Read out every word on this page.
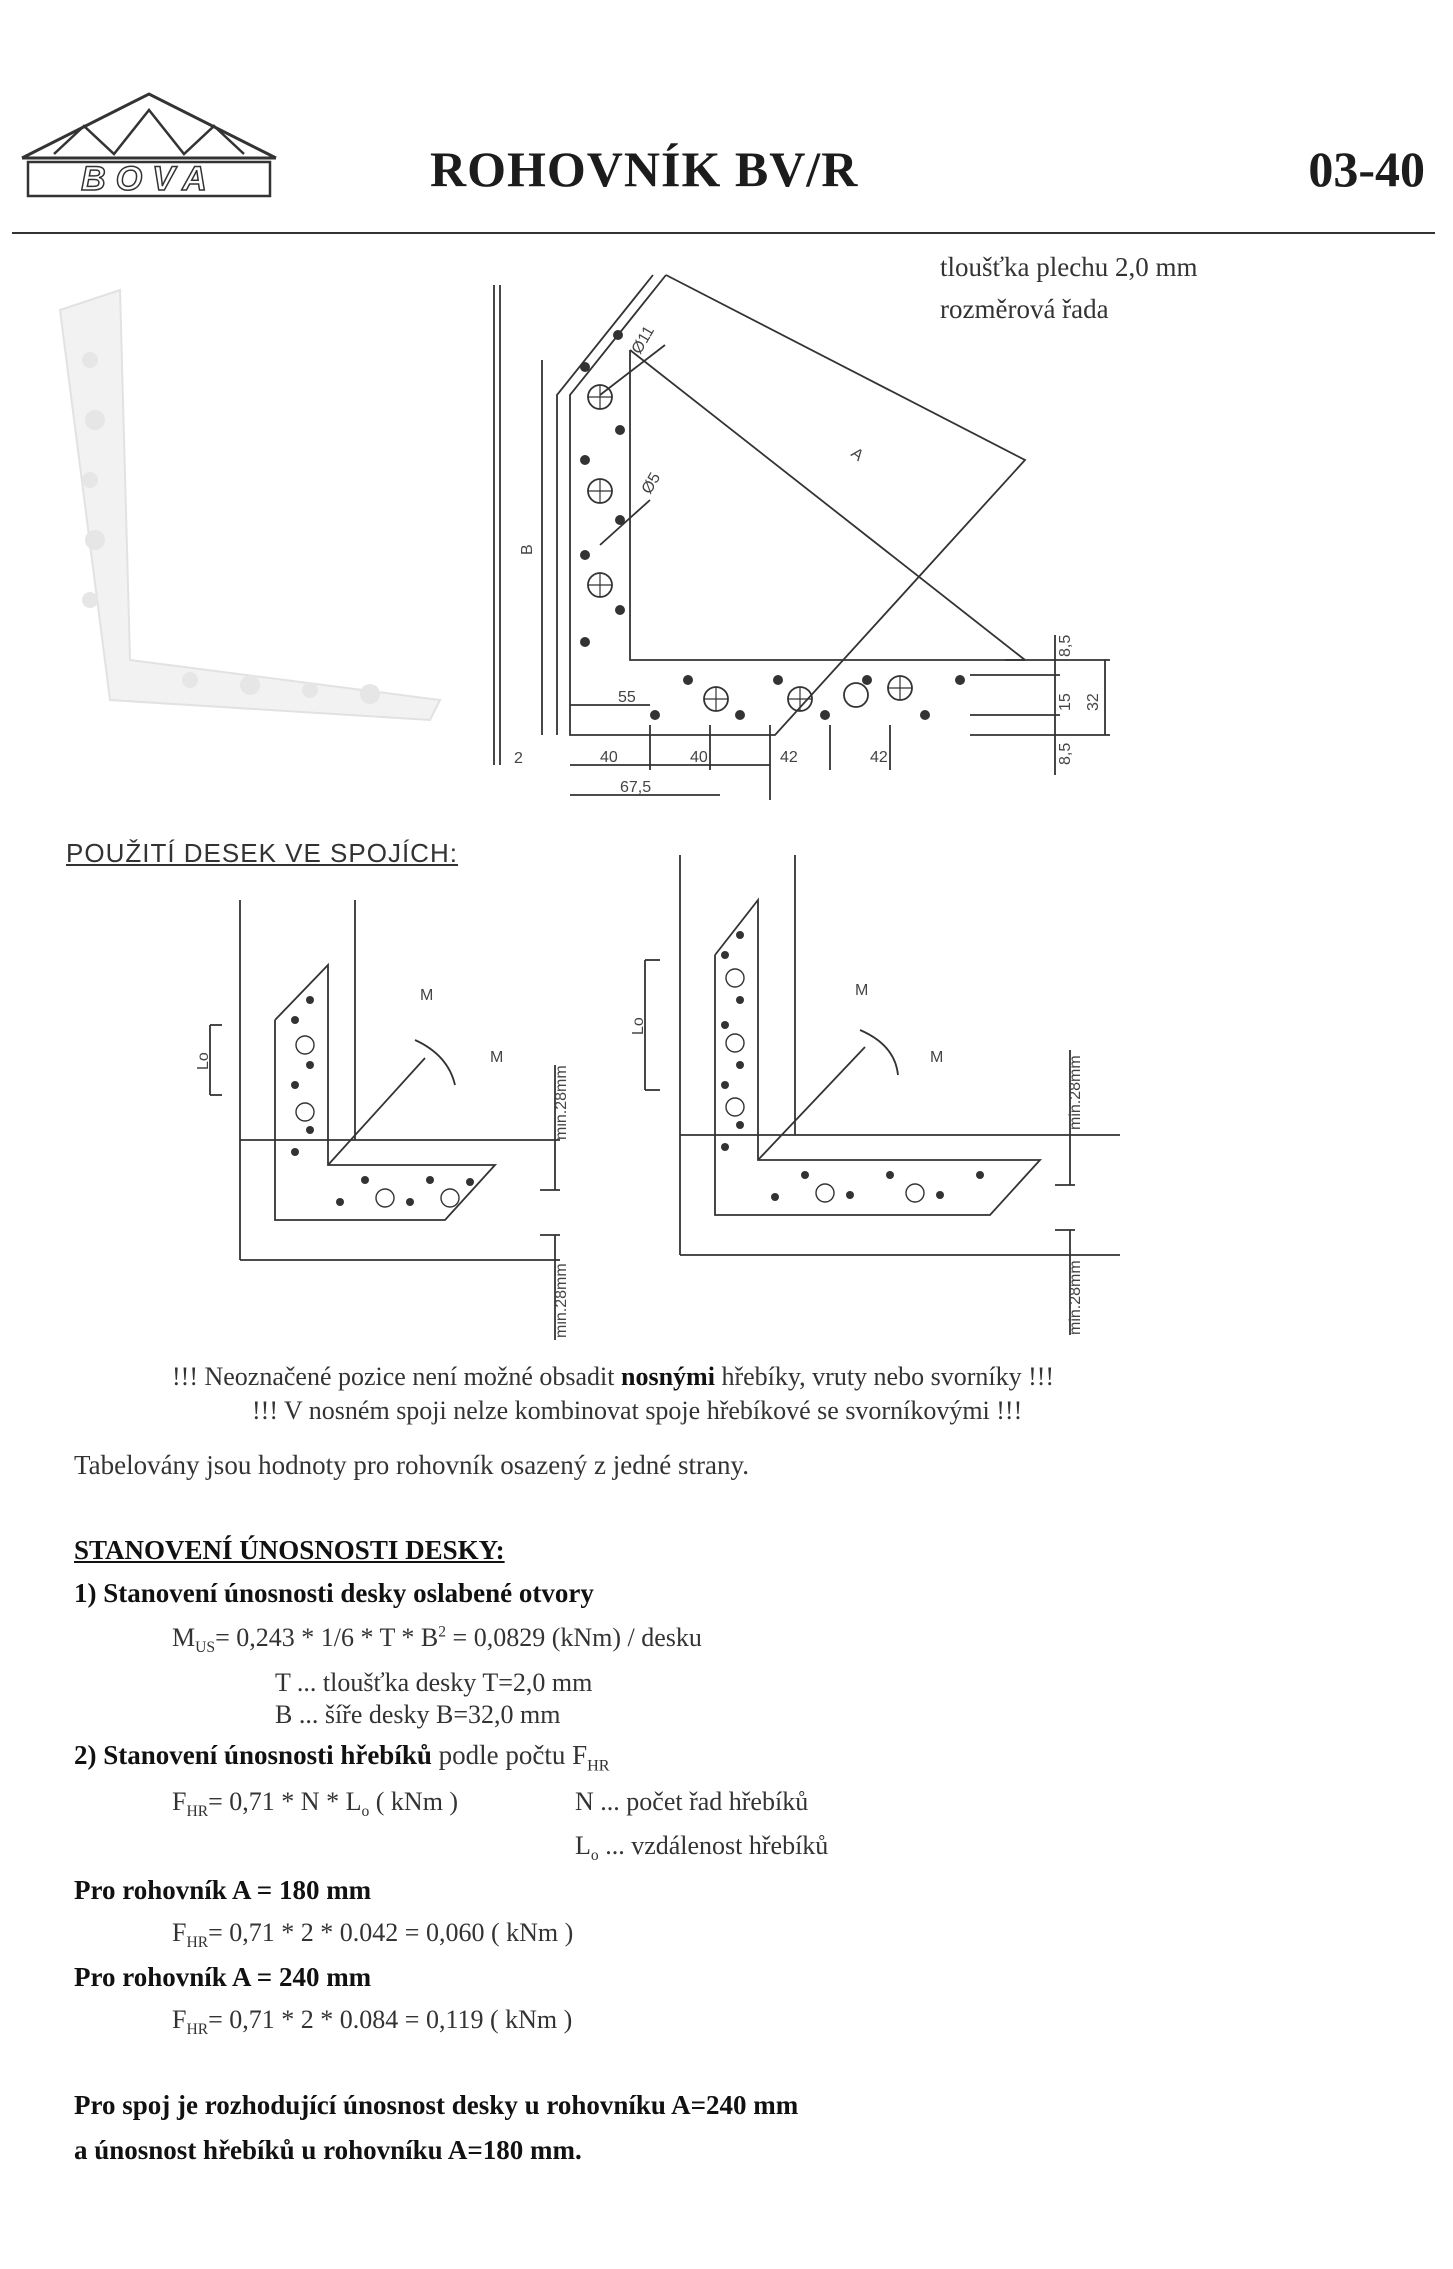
BOVA	ROHOVNÍK BV/R	03-40
tloušťka plechu 2,0 mm
rozměrová řada
Ø11
Ø5
A
B
55
2	40	40	42	42
67,5
8,5
15 32
8,5
POUŽITÍ DESEK VE SPOJÍCH:
M
M
Lo
min.28mm
min.28mm
M
M
Lo
min.28mm
min.28mm
!!! Neoznačené pozice není možné obsadit nosnými hřebíky, vruty nebo svorníky !!!
!!! V nosném spoji nelze kombinovat spoje hřebíkové se svorníkovými !!!
Tabelovány jsou hodnoty pro rohovník osazený z jedné strany.
STANOVENÍ ÚNOSNOSTI DESKY:
1) Stanovení únosnosti desky oslabené otvory
$M_{US}= 0,243 * 1/6 * T * B^2 = 0,0829$ (kNm) / desku
T ... tloušťka desky T=2,0 mm
B ... šíře desky B=32,0 mm
2) Stanovení únosnosti hřebíků podle počtu $F_{HR}$
$F_{HR}= 0,71 * N * L_o$ ( kNm )	N ... počet řad hřebíků
$L_o$ ... vzdálenost hřebíků
Pro rohovník A = 180 mm
$F_{HR}= 0,71 * 2 * 0.042 = 0,060$ ( kNm )
Pro rohovník A = 240 mm
$F_{HR}= 0,71 * 2 * 0.084 = 0,119$ ( kNm )
Pro spoj je rozhodující únosnost desky u rohovníku A=240 mm
a únosnost hřebíků u rohovníku A=180 mm.
